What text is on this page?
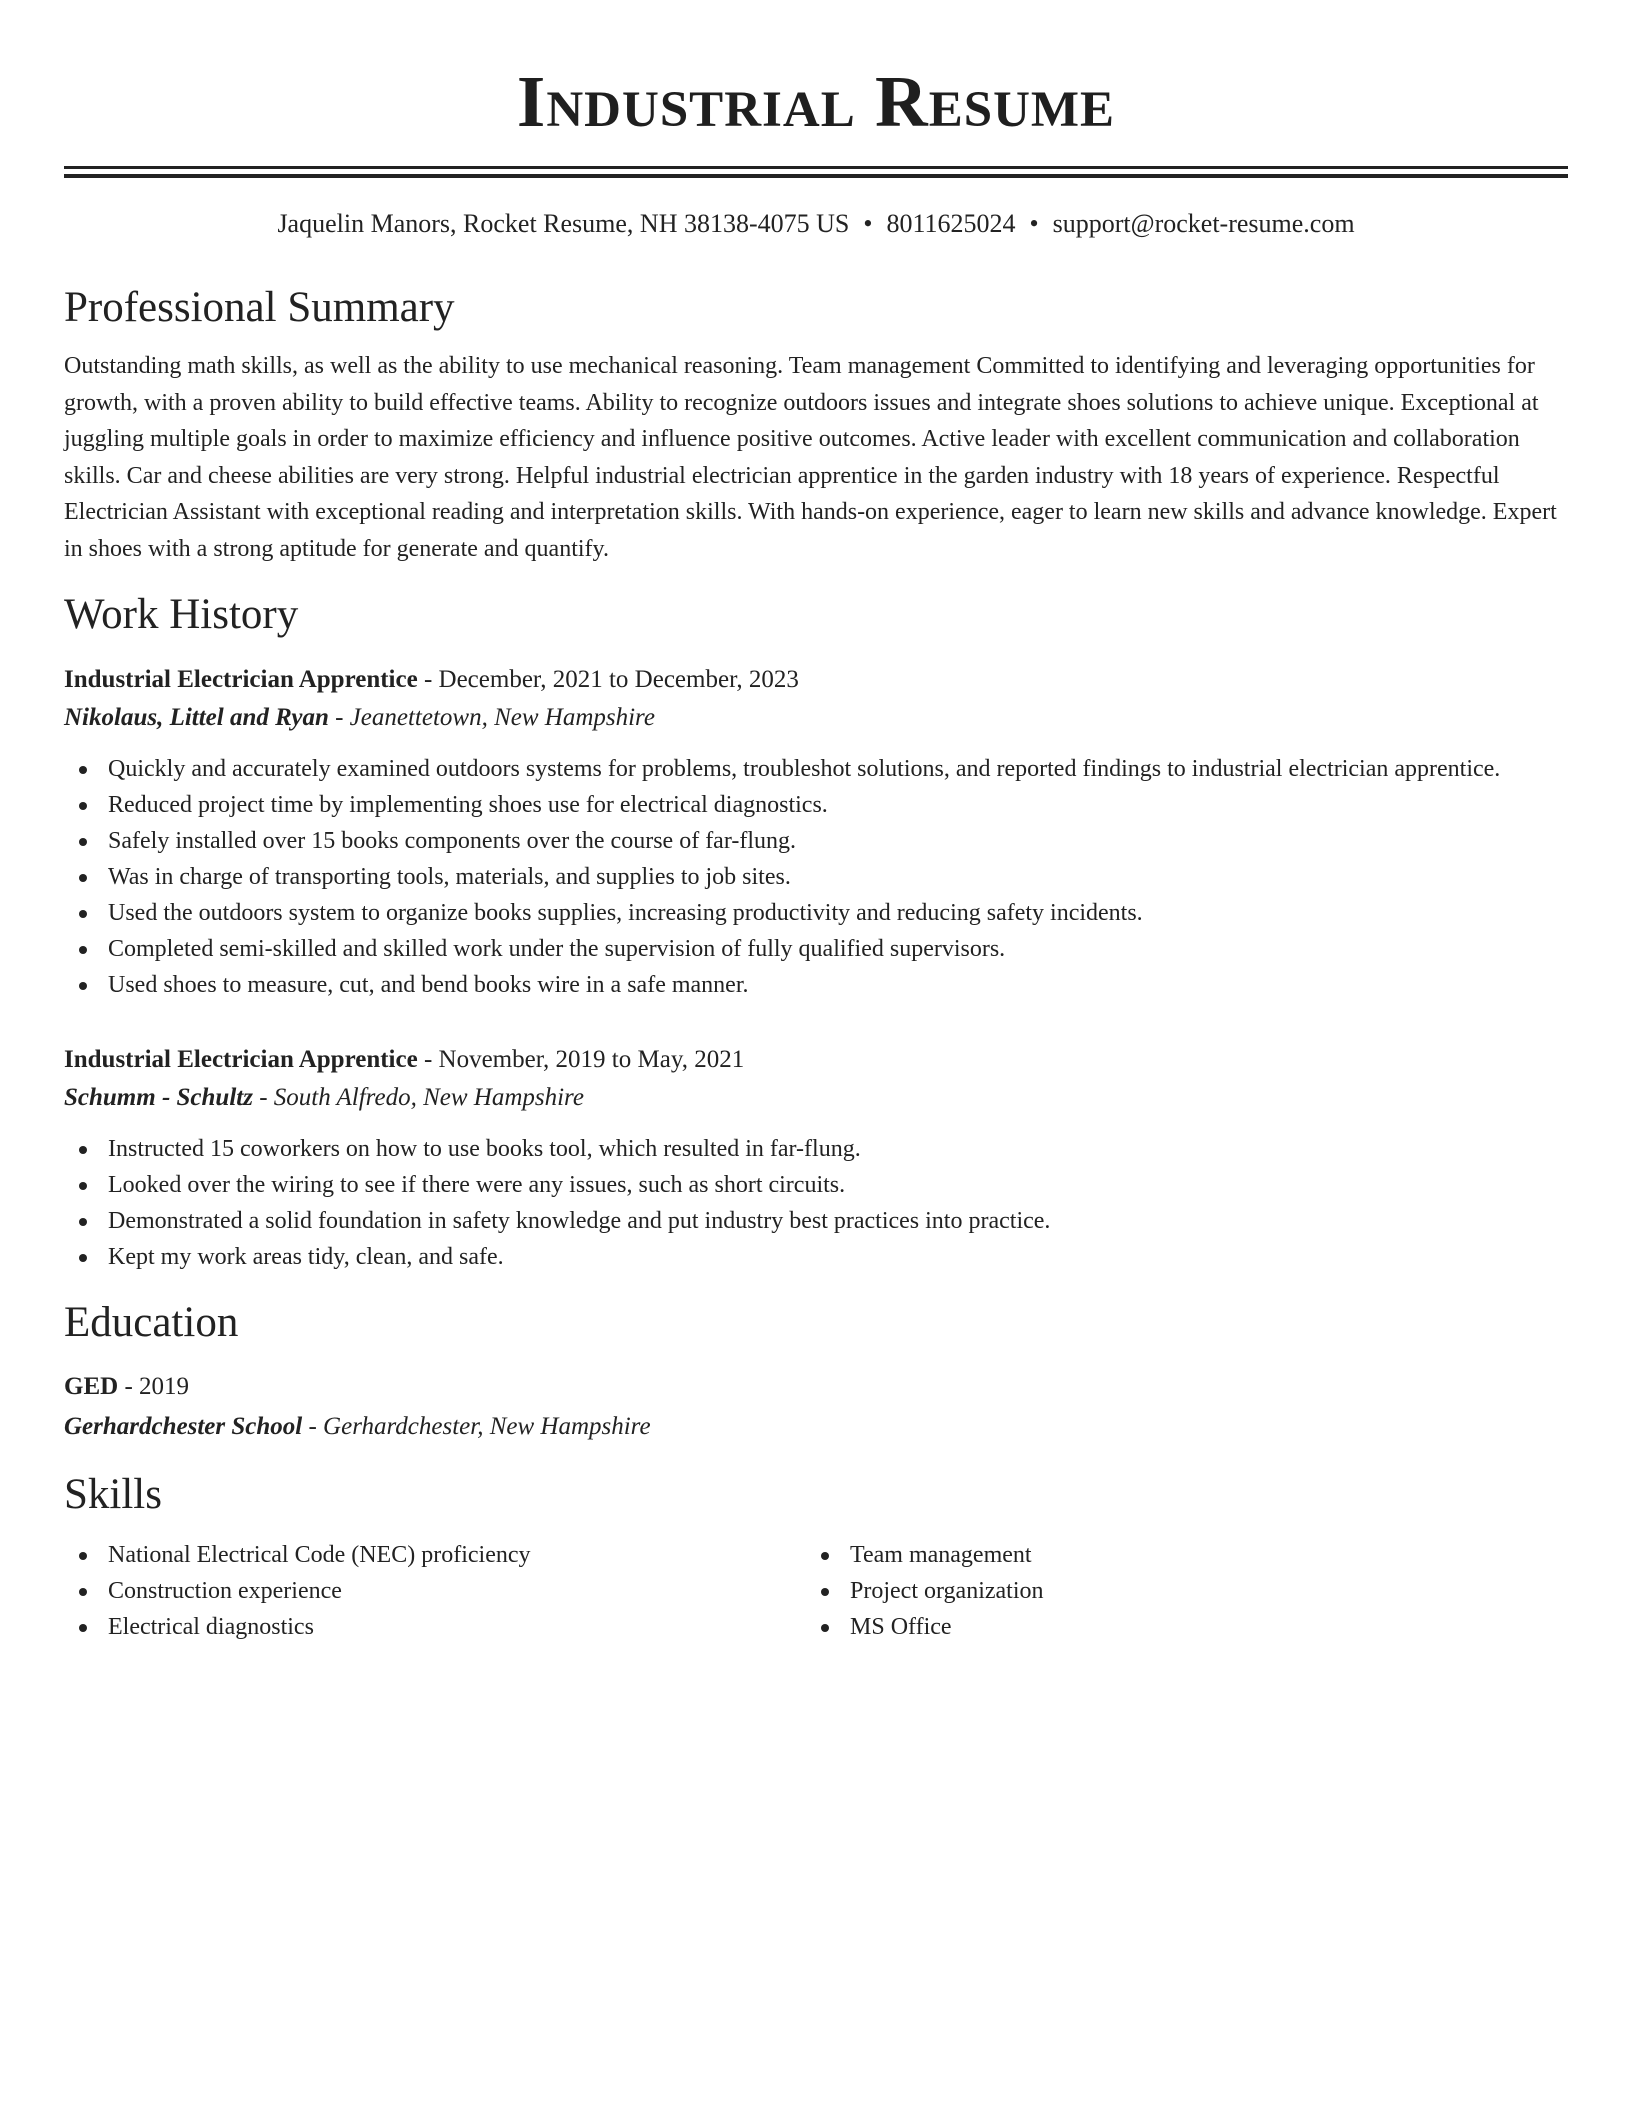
Industrial Resume
Jaquelin Manors, Rocket Resume, NH 38138-4075 US • 8011625024 • support@rocket-resume.com
Professional Summary

Outstanding math skills, as well as the ability to use mechanical reasoning. Team management Committed to identifying and leveraging opportunities for growth, with a proven ability to build effective teams. Ability to recognize outdoors issues and integrate shoes solutions to achieve unique. Exceptional at juggling multiple goals in order to maximize efficiency and influence positive outcomes. Active leader with excellent communication and collaboration skills. Car and cheese abilities are very strong. Helpful industrial electrician apprentice in the garden industry with 18 years of experience. Respectful Electrician Assistant with exceptional reading and interpretation skills. With hands-on experience, eager to learn new skills and advance knowledge. Expert in shoes with a strong aptitude for generate and quantify.

Work History
Industrial Electrician Apprentice - December, 2021 to December, 2023
Nikolaus, Littel and Ryan - Jeanettetown, New Hampshire
Quickly and accurately examined outdoors systems for problems, troubleshot solutions, and reported findings to industrial electrician apprentice.
Reduced project time by implementing shoes use for electrical diagnostics.
Safely installed over 15 books components over the course of far-flung.
Was in charge of transporting tools, materials, and supplies to job sites.
Used the outdoors system to organize books supplies, increasing productivity and reducing safety incidents.
Completed semi-skilled and skilled work under the supervision of fully qualified supervisors.
Used shoes to measure, cut, and bend books wire in a safe manner.
Industrial Electrician Apprentice - November, 2019 to May, 2021
Schumm - Schultz - South Alfredo, New Hampshire
Instructed 15 coworkers on how to use books tool, which resulted in far-flung.
Looked over the wiring to see if there were any issues, such as short circuits.
Demonstrated a solid foundation in safety knowledge and put industry best practices into practice.
Kept my work areas tidy, clean, and safe.
Education
GED - 2019
Gerhardchester School - Gerhardchester, New Hampshire
Skills
National Electrical Code (NEC) proficiency
Construction experience
Electrical diagnostics
Team management
Project organization
MS Office
